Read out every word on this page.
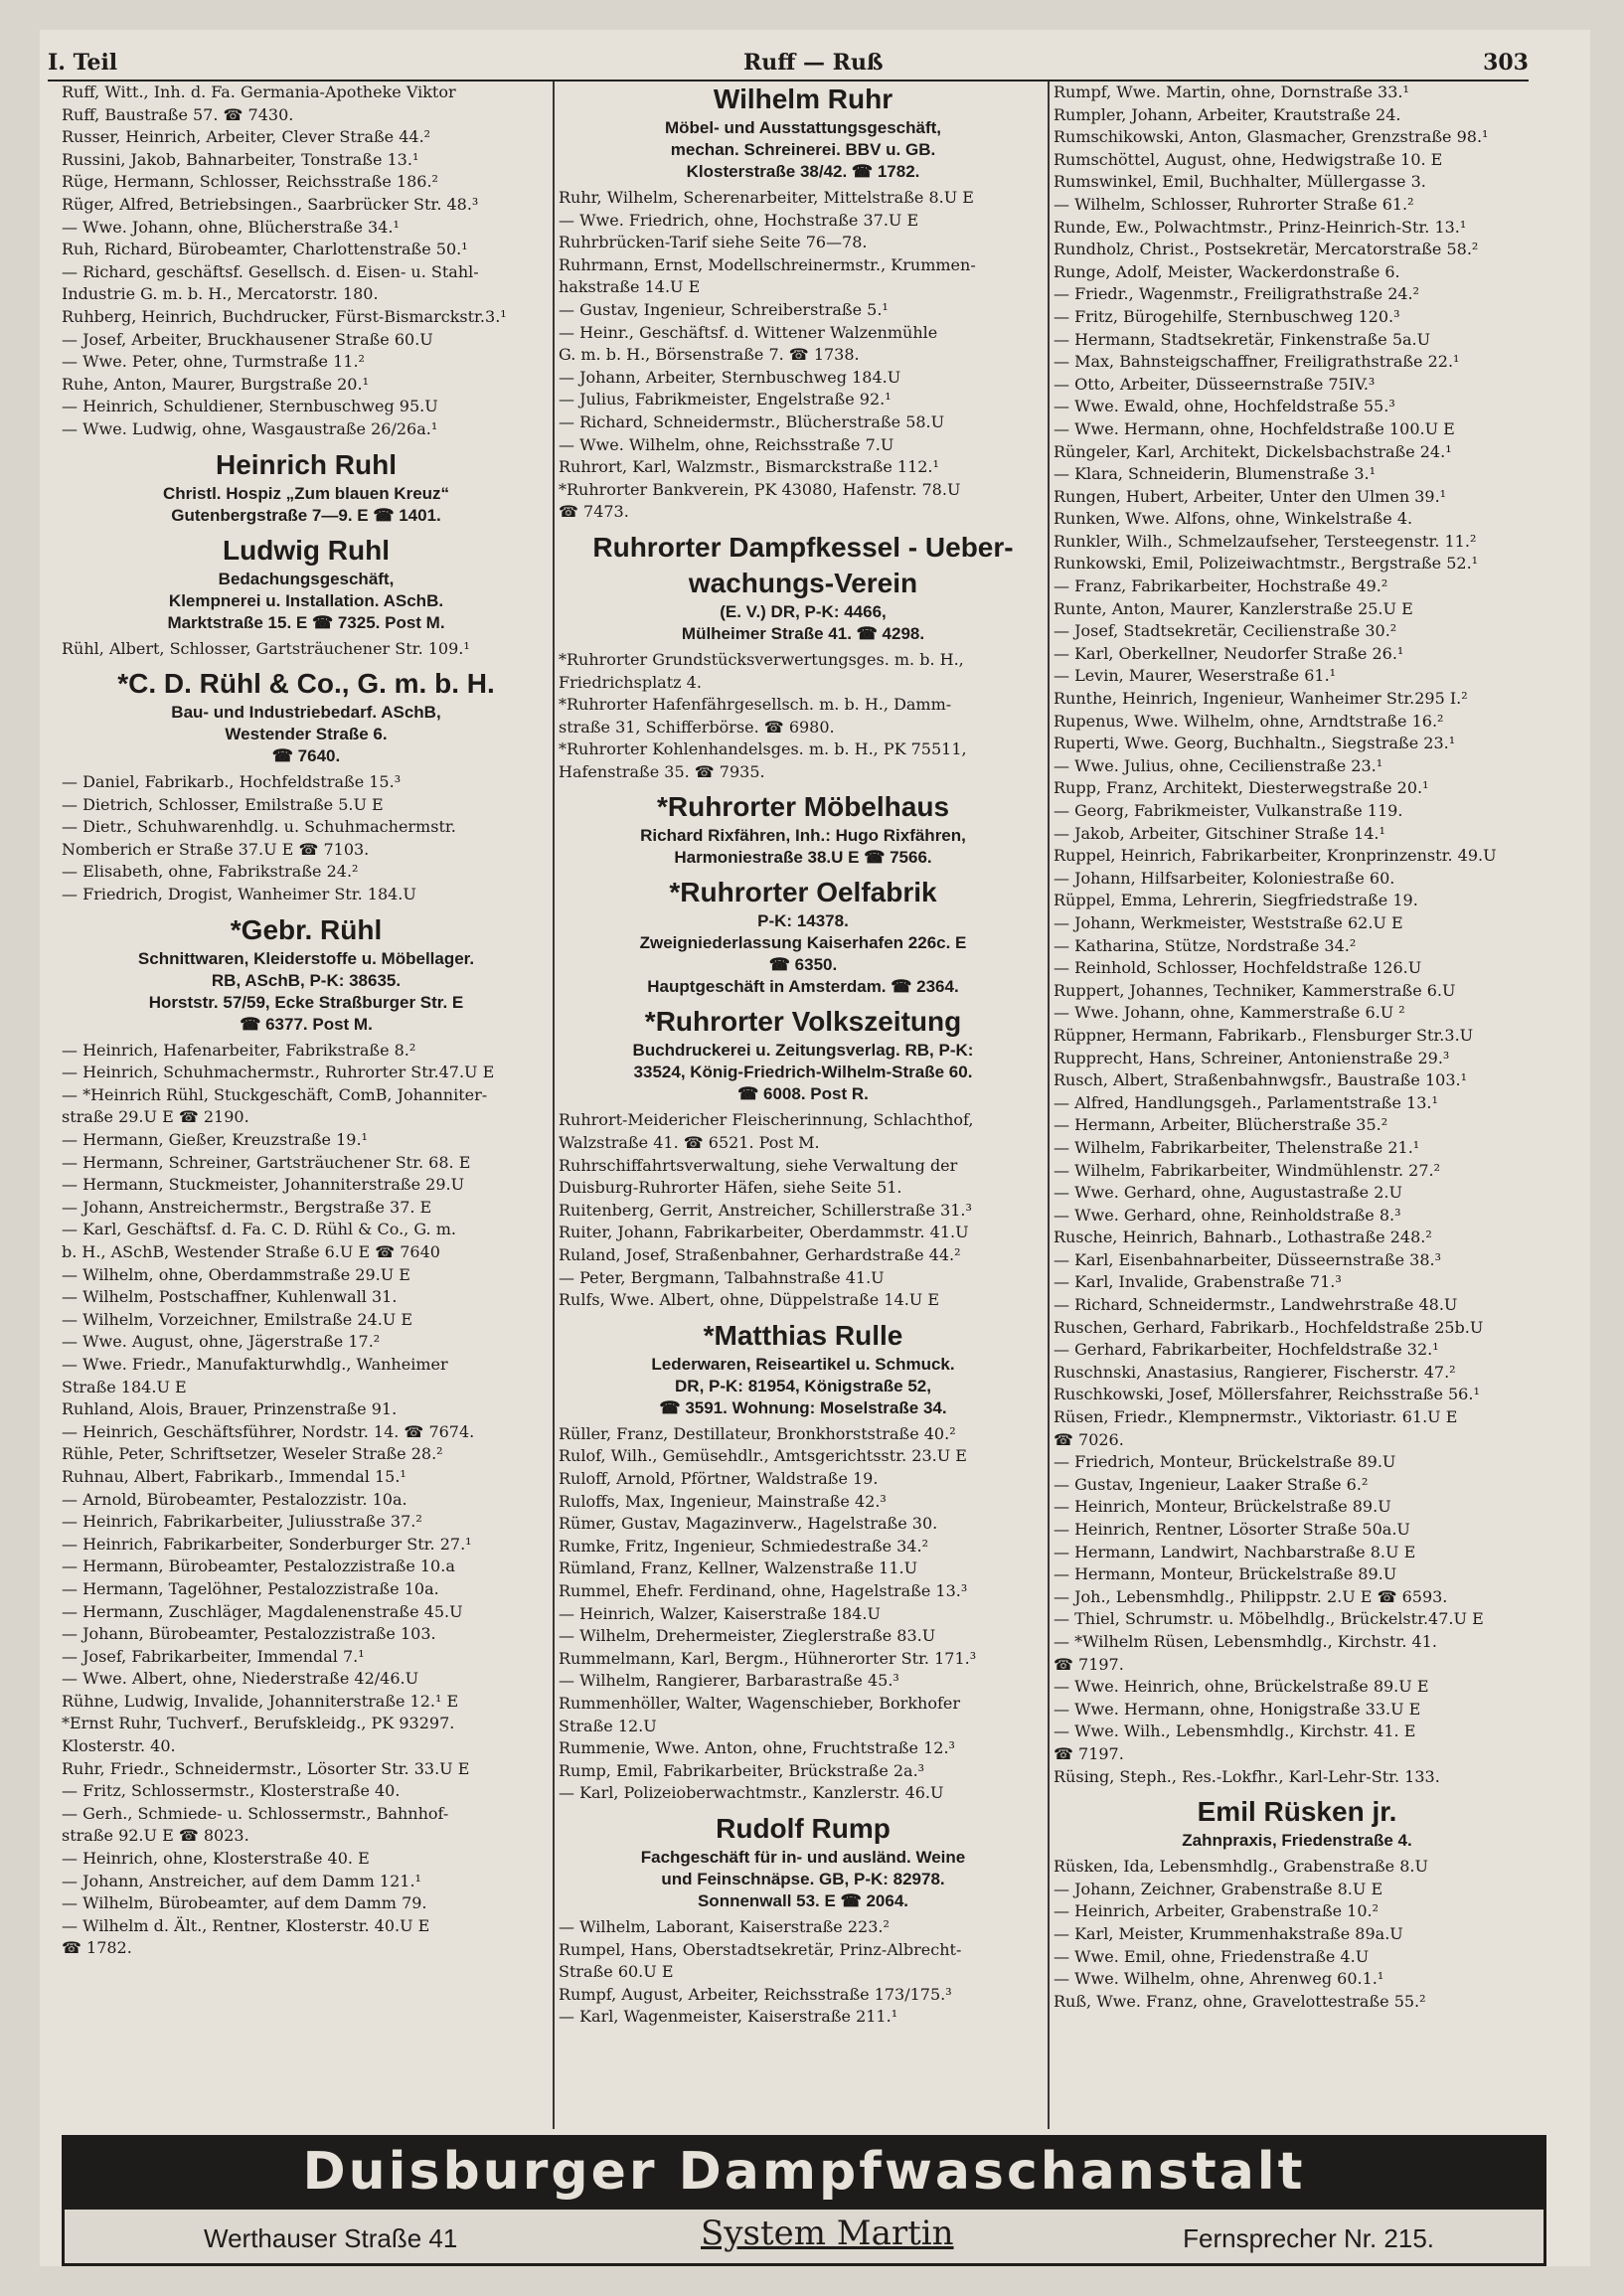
I. Teil	Ruff — Ruß	303
Ruff, Witt., Inh. d. Fa. Germania-Apotheke Viktor
Ruff, Baustraße 57. ☎ 7430.
Russer, Heinrich, Arbeiter, Clever Straße 44.²
Russini, Jakob, Bahnarbeiter, Tonstraße 13.¹
Rüge, Hermann, Schlosser, Reichsstraße 186.²
Rüger, Alfred, Betriebsingen., Saarbrücker Str. 48.³
— Wwe. Johann, ohne, Blücherstraße 34.¹
Ruh, Richard, Bürobeamter, Charlottenstraße 50.¹
— Richard, geschäftsf. Gesellsch. d. Eisen- u. Stahl-
Industrie G. m. b. H., Mercatorstr. 180.
Ruhberg, Heinrich, Buchdrucker, Fürst-Bismarckstr.3.¹
— Josef, Arbeiter, Bruckhausener Straße 60.U
— Wwe. Peter, ohne, Turmstraße 11.²
Ruhe, Anton, Maurer, Burgstraße 20.¹
— Heinrich, Schuldiener, Sternbuschweg 95.U
— Wwe. Ludwig, ohne, Wasgaustraße 26/26a.¹
Heinrich Ruhl
Christl. Hospiz „Zum blauen Kreuz“
Gutenbergstraße 7—9. E ☎ 1401.
Ludwig Ruhl
Bedachungsgeschäft,
Klempnerei u. Installation. ASchB.
Marktstraße 15. E ☎ 7325. Post M.
Rühl, Albert, Schlosser, Gartsträuchener Str. 109.¹
*C. D. Rühl & Co., G. m. b. H.
Bau- und Industriebedarf. ASchB,
Westender Straße 6.
☎ 7640.
— Daniel, Fabrikarb., Hochfeldstraße 15.³
— Dietrich, Schlosser, Emilstraße 5.U E
— Dietr., Schuhwarenhdlg. u. Schuhmachermstr.
Nomberich er Straße 37.U E ☎ 7103.
— Elisabeth, ohne, Fabrikstraße 24.²
— Friedrich, Drogist, Wanheimer Str. 184.U
*Gebr. Rühl
Schnittwaren, Kleiderstoffe u. Möbellager.
RB, ASchB, P-K: 38635.
Horststr. 57/59, Ecke Straßburger Str. E
☎ 6377. Post M.
— Heinrich, Hafenarbeiter, Fabrikstraße 8.²
— Heinrich, Schuhmachermstr., Ruhrorter Str.47.U E
— *Heinrich Rühl, Stuckgeschäft, ComB, Johanniter-
straße 29.U E ☎ 2190.
— Hermann, Gießer, Kreuzstraße 19.¹
— Hermann, Schreiner, Gartsträuchener Str. 68. E
— Hermann, Stuckmeister, Johanniterstraße 29.U
— Johann, Anstreichermstr., Bergstraße 37. E
— Karl, Geschäftsf. d. Fa. C. D. Rühl & Co., G. m.
b. H., ASchB, Westender Straße 6.U E ☎ 7640
— Wilhelm, ohne, Oberdammstraße 29.U E
— Wilhelm, Postschaffner, Kuhlenwall 31.
— Wilhelm, Vorzeichner, Emilstraße 24.U E
— Wwe. August, ohne, Jägerstraße 17.²
— Wwe. Friedr., Manufakturwhdlg., Wanheimer
Straße 184.U E
Ruhland, Alois, Brauer, Prinzenstraße 91.
— Heinrich, Geschäftsführer, Nordstr. 14. ☎ 7674.
Rühle, Peter, Schriftsetzer, Weseler Straße 28.²
Ruhnau, Albert, Fabrikarb., Immendal 15.¹
— Arnold, Bürobeamter, Pestalozzistr. 10a.
— Heinrich, Fabrikarbeiter, Juliusstraße 37.²
— Heinrich, Fabrikarbeiter, Sonderburger Str. 27.¹
— Hermann, Bürobeamter, Pestalozzistraße 10.a
— Hermann, Tagelöhner, Pestalozzistraße 10a.
— Hermann, Zuschläger, Magdalenenstraße 45.U
— Johann, Bürobeamter, Pestalozzistraße 103.
— Josef, Fabrikarbeiter, Immendal 7.¹
— Wwe. Albert, ohne, Niederstraße 42/46.U
Rühne, Ludwig, Invalide, Johanniterstraße 12.¹ E
*Ernst Ruhr, Tuchverf., Berufskleidg., PK 93297.
Klosterstr. 40.
Ruhr, Friedr., Schneidermstr., Lösorter Str. 33.U E
— Fritz, Schlossermstr., Klosterstraße 40.
— Gerh., Schmiede- u. Schlossermstr., Bahnhof-
straße 92.U E ☎ 8023.
— Heinrich, ohne, Klosterstraße 40. E
— Johann, Anstreicher, auf dem Damm 121.¹
— Wilhelm, Bürobeamter, auf dem Damm 79.
— Wilhelm d. Ält., Rentner, Klosterstr. 40.U E
☎ 1782.
Wilhelm Ruhr
Möbel- und Ausstattungsgeschäft,
mechan. Schreinerei. BBV u. GB.
Klosterstraße 38/42. ☎ 1782.
Ruhr, Wilhelm, Scherenarbeiter, Mittelstraße 8.U E
— Wwe. Friedrich, ohne, Hochstraße 37.U E
Ruhrbrücken-Tarif siehe Seite 76—78.
Ruhrmann, Ernst, Modellschreinermstr., Krummen-
hakstraße 14.U E
— Gustav, Ingenieur, Schreiberstraße 5.¹
— Heinr., Geschäftsf. d. Wittener Walzenmühle
G. m. b. H., Börsenstraße 7. ☎ 1738.
— Johann, Arbeiter, Sternbuschweg 184.U
— Julius, Fabrikmeister, Engelstraße 92.¹
— Richard, Schneidermstr., Blücherstraße 58.U
— Wwe. Wilhelm, ohne, Reichsstraße 7.U
Ruhrort, Karl, Walzmstr., Bismarckstraße 112.¹
*Ruhrorter Bankverein, PK 43080, Hafenstr. 78.U
☎ 7473.
Ruhrorter Dampfkessel - Ueber-
wachungs-Verein
(E. V.) DR, P-K: 4466,
Mülheimer Straße 41. ☎ 4298.
*Ruhrorter Grundstücksverwertungsges. m. b. H.,
Friedrichsplatz 4.
*Ruhrorter Hafenfährgesellsch. m. b. H., Damm-
straße 31, Schifferbörse. ☎ 6980.
*Ruhrorter Kohlenhandelsges. m. b. H., PK 75511,
Hafenstraße 35. ☎ 7935.
*Ruhrorter Möbelhaus
Richard Rixfähren, Inh.: Hugo Rixfähren,
Harmoniestraße 38.U E ☎ 7566.
*Ruhrorter Oelfabrik
P-K: 14378.
Zweigniederlassung Kaiserhafen 226c. E
☎ 6350.
Hauptgeschäft in Amsterdam. ☎ 2364.
*Ruhrorter Volkszeitung
Buchdruckerei u. Zeitungsverlag. RB, P-K:
33524, König-Friedrich-Wilhelm-Straße 60.
☎ 6008. Post R.
Ruhrort-Meidericher Fleischerinnung, Schlachthof,
Walzstraße 41. ☎ 6521. Post M.
Ruhrschiffahrtsverwaltung, siehe Verwaltung der
Duisburg-Ruhrorter Häfen, siehe Seite 51.
Ruitenberg, Gerrit, Anstreicher, Schillerstraße 31.³
Ruiter, Johann, Fabrikarbeiter, Oberdammstr. 41.U
Ruland, Josef, Straßenbahner, Gerhardstraße 44.²
— Peter, Bergmann, Talbahnstraße 41.U
Rulfs, Wwe. Albert, ohne, Düppelstraße 14.U E
*Matthias Rulle
Lederwaren, Reiseartikel u. Schmuck.
DR, P-K: 81954, Königstraße 52,
☎ 3591. Wohnung: Moselstraße 34.
Rüller, Franz, Destillateur, Bronkhorststraße 40.²
Rulof, Wilh., Gemüsehdlr., Amtsgerichtsstr. 23.U E
Ruloff, Arnold, Pförtner, Waldstraße 19.
Ruloffs, Max, Ingenieur, Mainstraße 42.³
Rümer, Gustav, Magazinverw., Hagelstraße 30.
Rumke, Fritz, Ingenieur, Schmiedestraße 34.²
Rümland, Franz, Kellner, Walzenstraße 11.U
Rummel, Ehefr. Ferdinand, ohne, Hagelstraße 13.³
— Heinrich, Walzer, Kaiserstraße 184.U
— Wilhelm, Drehermeister, Zieglerstraße 83.U
Rummelmann, Karl, Bergm., Hühnerorter Str. 171.³
— Wilhelm, Rangierer, Barbarastraße 45.³
Rummenhöller, Walter, Wagenschieber, Borkhofer
Straße 12.U
Rummenie, Wwe. Anton, ohne, Fruchtstraße 12.³
Rump, Emil, Fabrikarbeiter, Brückstraße 2a.³
— Karl, Polizeioberwachtmstr., Kanzlerstr. 46.U
Rudolf Rump
Fachgeschäft für in- und ausländ. Weine
und Feinschnäpse. GB, P-K: 82978.
Sonnenwall 53. E ☎ 2064.
— Wilhelm, Laborant, Kaiserstraße 223.²
Rumpel, Hans, Oberstadtsekretär, Prinz-Albrecht-
Straße 60.U E
Rumpf, August, Arbeiter, Reichsstraße 173/175.³
— Karl, Wagenmeister, Kaiserstraße 211.¹
Rumpf, Wwe. Martin, ohne, Dornstraße 33.¹
Rumpler, Johann, Arbeiter, Krautstraße 24.
Rumschikowski, Anton, Glasmacher, Grenzstraße 98.¹
Rumschöttel, August, ohne, Hedwigstraße 10. E
Rumswinkel, Emil, Buchhalter, Müllergasse 3.
— Wilhelm, Schlosser, Ruhrorter Straße 61.²
Runde, Ew., Polwachtmstr., Prinz-Heinrich-Str. 13.¹
Rundholz, Christ., Postsekretär, Mercatorstraße 58.²
Runge, Adolf, Meister, Wackerdonstraße 6.
— Friedr., Wagenmstr., Freiligrathstraße 24.²
— Fritz, Bürogehilfe, Sternbuschweg 120.³
— Hermann, Stadtsekretär, Finkenstraße 5a.U
— Max, Bahnsteigschaffner, Freiligrathstraße 22.¹
— Otto, Arbeiter, Düsseernstraße 75IV.³
— Wwe. Ewald, ohne, Hochfeldstraße 55.³
— Wwe. Hermann, ohne, Hochfeldstraße 100.U E
Rüngeler, Karl, Architekt, Dickelsbachstraße 24.¹
— Klara, Schneiderin, Blumenstraße 3.¹
Rungen, Hubert, Arbeiter, Unter den Ulmen 39.¹
Runken, Wwe. Alfons, ohne, Winkelstraße 4.
Runkler, Wilh., Schmelzaufseher, Tersteegenstr. 11.²
Runkowski, Emil, Polizeiwachtmstr., Bergstraße 52.¹
— Franz, Fabrikarbeiter, Hochstraße 49.²
Runte, Anton, Maurer, Kanzlerstraße 25.U E
— Josef, Stadtsekretär, Cecilienstraße 30.²
— Karl, Oberkellner, Neudorfer Straße 26.¹
— Levin, Maurer, Weserstraße 61.¹
Runthe, Heinrich, Ingenieur, Wanheimer Str.295 I.²
Rupenus, Wwe. Wilhelm, ohne, Arndtstraße 16.²
Ruperti, Wwe. Georg, Buchhaltn., Siegstraße 23.¹
— Wwe. Julius, ohne, Cecilienstraße 23.¹
Rupp, Franz, Architekt, Diesterwegstraße 20.¹
— Georg, Fabrikmeister, Vulkanstraße 119.
— Jakob, Arbeiter, Gitschiner Straße 14.¹
Ruppel, Heinrich, Fabrikarbeiter, Kronprinzenstr. 49.U
— Johann, Hilfsarbeiter, Koloniestraße 60.
Rüppel, Emma, Lehrerin, Siegfriedstraße 19.
— Johann, Werkmeister, Weststraße 62.U E
— Katharina, Stütze, Nordstraße 34.²
— Reinhold, Schlosser, Hochfeldstraße 126.U
Ruppert, Johannes, Techniker, Kammerstraße 6.U
— Wwe. Johann, ohne, Kammerstraße 6.U ²
Rüppner, Hermann, Fabrikarb., Flensburger Str.3.U
Rupprecht, Hans, Schreiner, Antonienstraße 29.³
Rusch, Albert, Straßenbahnwgsfr., Baustraße 103.¹
— Alfred, Handlungsgeh., Parlamentstraße 13.¹
— Hermann, Arbeiter, Blücherstraße 35.²
— Wilhelm, Fabrikarbeiter, Thelenstraße 21.¹
— Wilhelm, Fabrikarbeiter, Windmühlenstr. 27.²
— Wwe. Gerhard, ohne, Augustastraße 2.U
— Wwe. Gerhard, ohne, Reinholdstraße 8.³
Rusche, Heinrich, Bahnarb., Lothastraße 248.²
— Karl, Eisenbahnarbeiter, Düsseernstraße 38.³
— Karl, Invalide, Grabenstraße 71.³
— Richard, Schneidermstr., Landwehrstraße 48.U
Ruschen, Gerhard, Fabrikarb., Hochfeldstraße 25b.U
— Gerhard, Fabrikarbeiter, Hochfeldstraße 32.¹
Ruschnski, Anastasius, Rangierer, Fischerstr. 47.²
Ruschkowski, Josef, Möllersfahrer, Reichsstraße 56.¹
Rüsen, Friedr., Klempnermstr., Viktoriastr. 61.U E
☎ 7026.
— Friedrich, Monteur, Brückelstraße 89.U
— Gustav, Ingenieur, Laaker Straße 6.²
— Heinrich, Monteur, Brückelstraße 89.U
— Heinrich, Rentner, Lösorter Straße 50a.U
— Hermann, Landwirt, Nachbarstraße 8.U E
— Hermann, Monteur, Brückelstraße 89.U
— Joh., Lebensmhdlg., Philippstr. 2.U E ☎ 6593.
— Thiel, Schrumstr. u. Möbelhdlg., Brückelstr.47.U E
— *Wilhelm Rüsen, Lebensmhdlg., Kirchstr. 41.
☎ 7197.
— Wwe. Heinrich, ohne, Brückelstraße 89.U E
— Wwe. Hermann, ohne, Honigstraße 33.U E
— Wwe. Wilh., Lebensmhdlg., Kirchstr. 41. E
☎ 7197.
Rüsing, Steph., Res.-Lokfhr., Karl-Lehr-Str. 133.
Emil Rüsken jr.
Zahnpraxis, Friedenstraße 4.
Rüsken, Ida, Lebensmhdlg., Grabenstraße 8.U
— Johann, Zeichner, Grabenstraße 8.U E
— Heinrich, Arbeiter, Grabenstraße 10.²
— Karl, Meister, Krummenhakstraße 89a.U
— Wwe. Emil, ohne, Friedenstraße 4.U
— Wwe. Wilhelm, ohne, Ahrenweg 60.1.¹
Ruß, Wwe. Franz, ohne, Gravelottestraße 55.²
Duisburger Dampfwaschanstalt
Werthauser Straße 41	System Martin	Fernsprecher Nr. 215.
